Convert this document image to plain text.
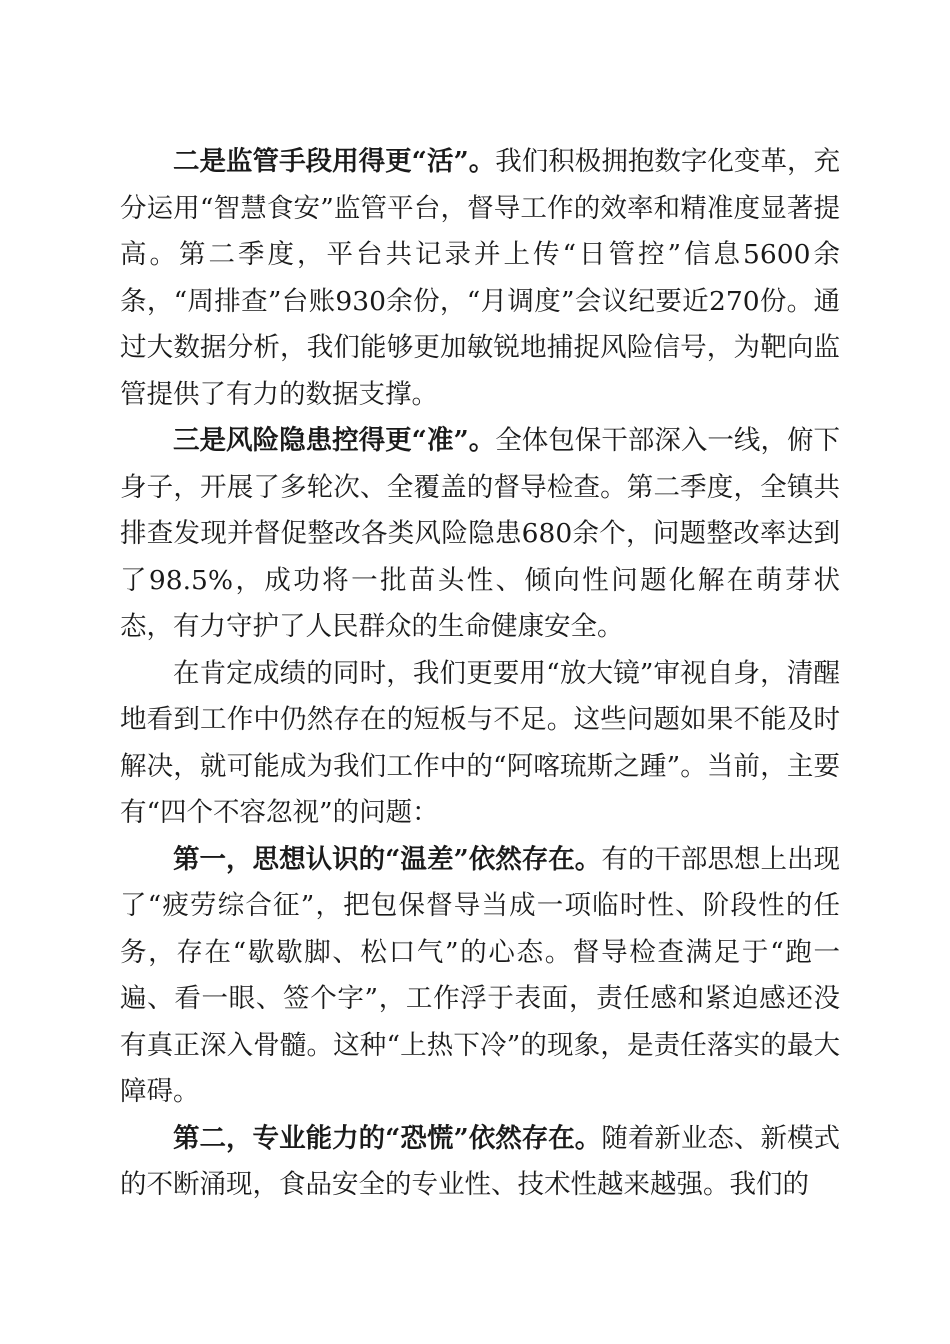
二是监管手段用得更“活”。我们积极拥抱数字化变革，充分运用“智慧食安”监管平台，督导工作的效率和精准度显著提高。第二季度，平台共记录并上传“日管控”信息5600余条，“周排查”台账930余份，“月调度”会议纪要近270份。通过大数据分析，我们能够更加敏锐地捕捉风险信号，为靶向监管提供了有力的数据支撑。

三是风险隐患控得更“准”。全体包保干部深入一线，俯下身子，开展了多轮次、全覆盖的督导检查。第二季度，全镇共排查发现并督促整改各类风险隐患680余个，问题整改率达到了98.5%，成功将一批苗头性、倾向性问题化解在萌芽状态，有力守护了人民群众的生命健康安全。

在肯定成绩的同时，我们更要用“放大镜”审视自身，清醒地看到工作中仍然存在的短板与不足。这些问题如果不能及时解决，就可能成为我们工作中的“阿喀琉斯之踵”。当前，主要有“四个不容忽视”的问题：

第一，思想认识的“温差”依然存在。有的干部思想上出现了“疲劳综合征”，把包保督导当成一项临时性、阶段性的任务，存在“歇歇脚、松口气”的心态。督导检查满足于“跑一遍、看一眼、签个字”，工作浮于表面，责任感和紧迫感还没有真正深入骨髓。这种“上热下冷”的现象，是责任落实的最大障碍。

第二，专业能力的“恐慌”依然存在。随着新业态、新模式的不断涌现，食品安全的专业性、技术性越来越强。我们的
